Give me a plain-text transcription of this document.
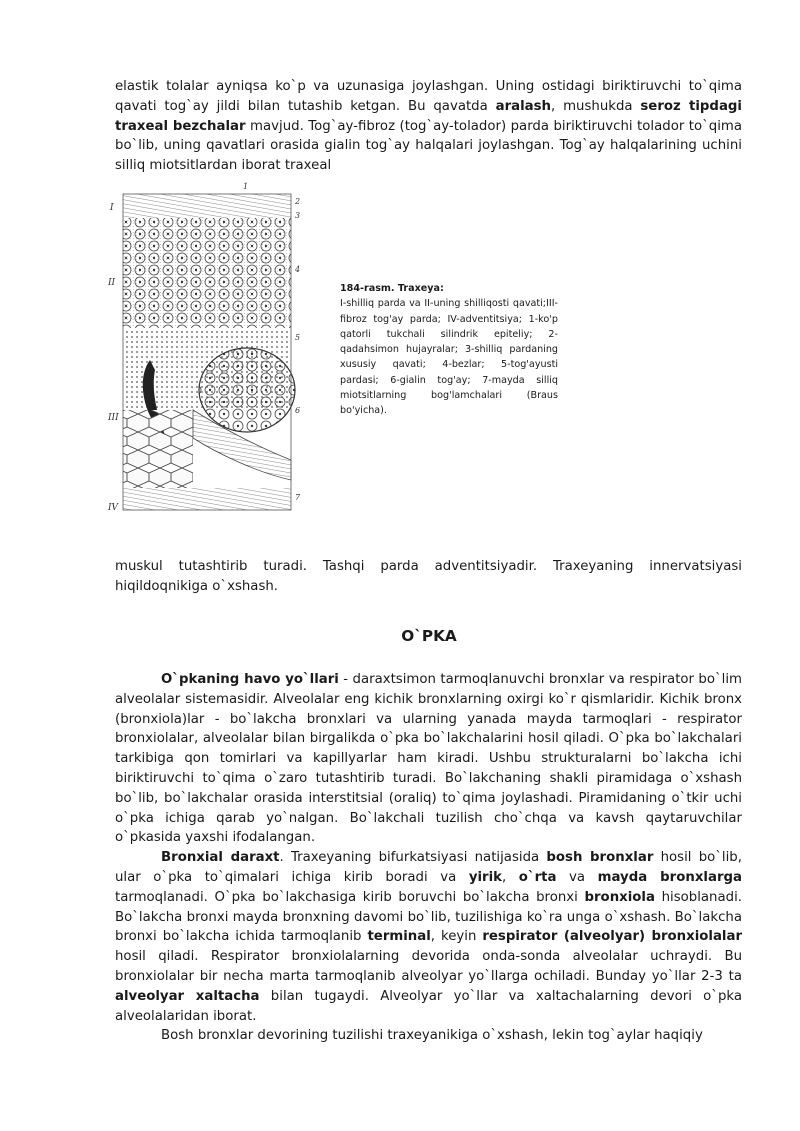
elastik tolalar ayniqsa ko`p va uzunasiga joylashgan. Uning ostidagi biriktiruvchi to`qima qavati tog`ay jildi bilan tutashib ketgan. Bu qavatda aralash, mushukda seroz tipdagi traxeal bezchalar mavjud. Tog`ay-fibroz (tog`ay-tolador) parda biriktiruvchi tolador to`qima bo`lib, uning qavatlari orasida gialin tog`ay halqalari joylashgan. Tog`ay halqalarining uchini silliq miotsitlardan iborat traxeal

I
II
III
IV
1
2
3
4
5
6
7

184-rasm. Traxeya:
I-shilliq parda va II-uning shilliqosti qavati;III-fibroz tog'ay parda; IV-adventitsiya; 1-ko'p qatorli tukchali silindrik epiteliy; 2-qadahsimon hujayralar; 3-shilliq pardaning xususiy qavati; 4-bezlar; 5-tog'ayusti pardasi; 6-gialin tog'ay; 7-mayda silliq miotsitlarning bog'lamchalari (Braus bo'yicha).

muskul tutashtirib turadi. Tashqi parda adventitsiyadir. Traxeyaning innervatsiyasi hiqildoqnikiga o`xshash.

O`PKA

O`pkaning havo yo`llari - daraxtsimon tarmoqlanuvchi bronxlar va respirator bo`lim alveolalar sistemasidir. Alveolalar eng kichik bronxlarning oxirgi ko`r qismlaridir. Kichik bronx (bronxiola)lar - bo`lakcha bronxlari va ularning yanada mayda tarmoqlari - respirator bronxiolalar, alveolalar bilan birgalikda o`pka bo`lakchalarini hosil qiladi. O`pka bo`lakchalari tarkibiga qon tomirlari va kapillyarlar ham kiradi. Ushbu strukturalarni bo`lakcha ichi biriktiruvchi to`qima o`zaro tutashtirib turadi. Bo`lakchaning shakli piramidaga o`xshash bo`lib, bo`lakchalar orasida interstitsial (oraliq) to`qima joylashadi. Piramidaning o`tkir uchi o`pka ichiga qarab yo`nalgan. Bo`lakchali tuzilish cho`chqa va kavsh qaytaruvchilar o`pkasida yaxshi ifodalangan.

Bronxial daraxt. Traxeyaning bifurkatsiyasi natijasida bosh bronxlar hosil bo`lib, ular o`pka to`qimalari ichiga kirib boradi va yirik, o`rta va mayda bronxlarga tarmoqlanadi. O`pka bo`lakchasiga kirib boruvchi bo`lakcha bronxi bronxiola hisoblanadi. Bo`lakcha bronxi mayda bronxning davomi bo`lib, tuzilishiga ko`ra unga o`xshash. Bo`lakcha bronxi bo`lakcha ichida tarmoqlanib terminal, keyin respirator (alveolyar) bronxiolalar hosil qiladi. Respirator bronxiolalarning devorida onda-sonda alveolalar uchraydi. Bu bronxiolalar bir necha marta tarmoqlanib alveolyar yo`llarga ochiladi. Bunday yo`llar 2-3 ta alveolyar xaltacha bilan tugaydi. Alveolyar yo`llar va xaltachalarning devori o`pka alveolalaridan iborat.

Bosh bronxlar devorining tuzilishi traxeyanikiga o`xshash, lekin tog`aylar haqiqiy
